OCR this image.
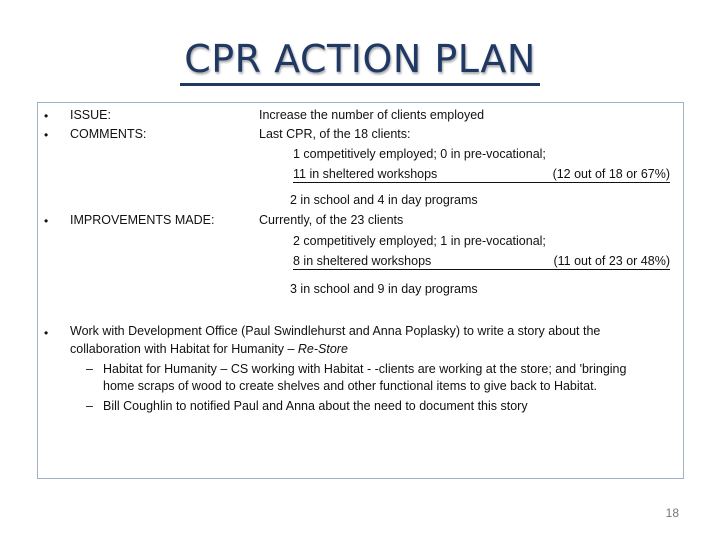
CPR ACTION PLAN
• ISSUE:	Increase the number of clients employed
• COMMENTS:	Last CPR, of the 18 clients:
1 competitively employed; 0 in pre-vocational;
11 in sheltered workshops	(12 out of 18 or 67%)
2 in school and 4 in day programs
• IMPROVEMENTS MADE:	Currently, of the 23 clients
2 competitively employed; 1 in pre-vocational;
8 in sheltered workshops	(11 out of 23 or 48%)
3 in school and 9 in day programs
• Work with Development Office (Paul Swindlehurst and Anna Poplasky) to write a story about the
collaboration with Habitat for Humanity – Re-Store
– Habitat for Humanity – CS working with Habitat - -clients are working at the store; and 'bringing
home scraps of wood to create shelves and other functional items to give back to Habitat.
– Bill Coughlin to notified Paul and Anna about the need to document this story
18
